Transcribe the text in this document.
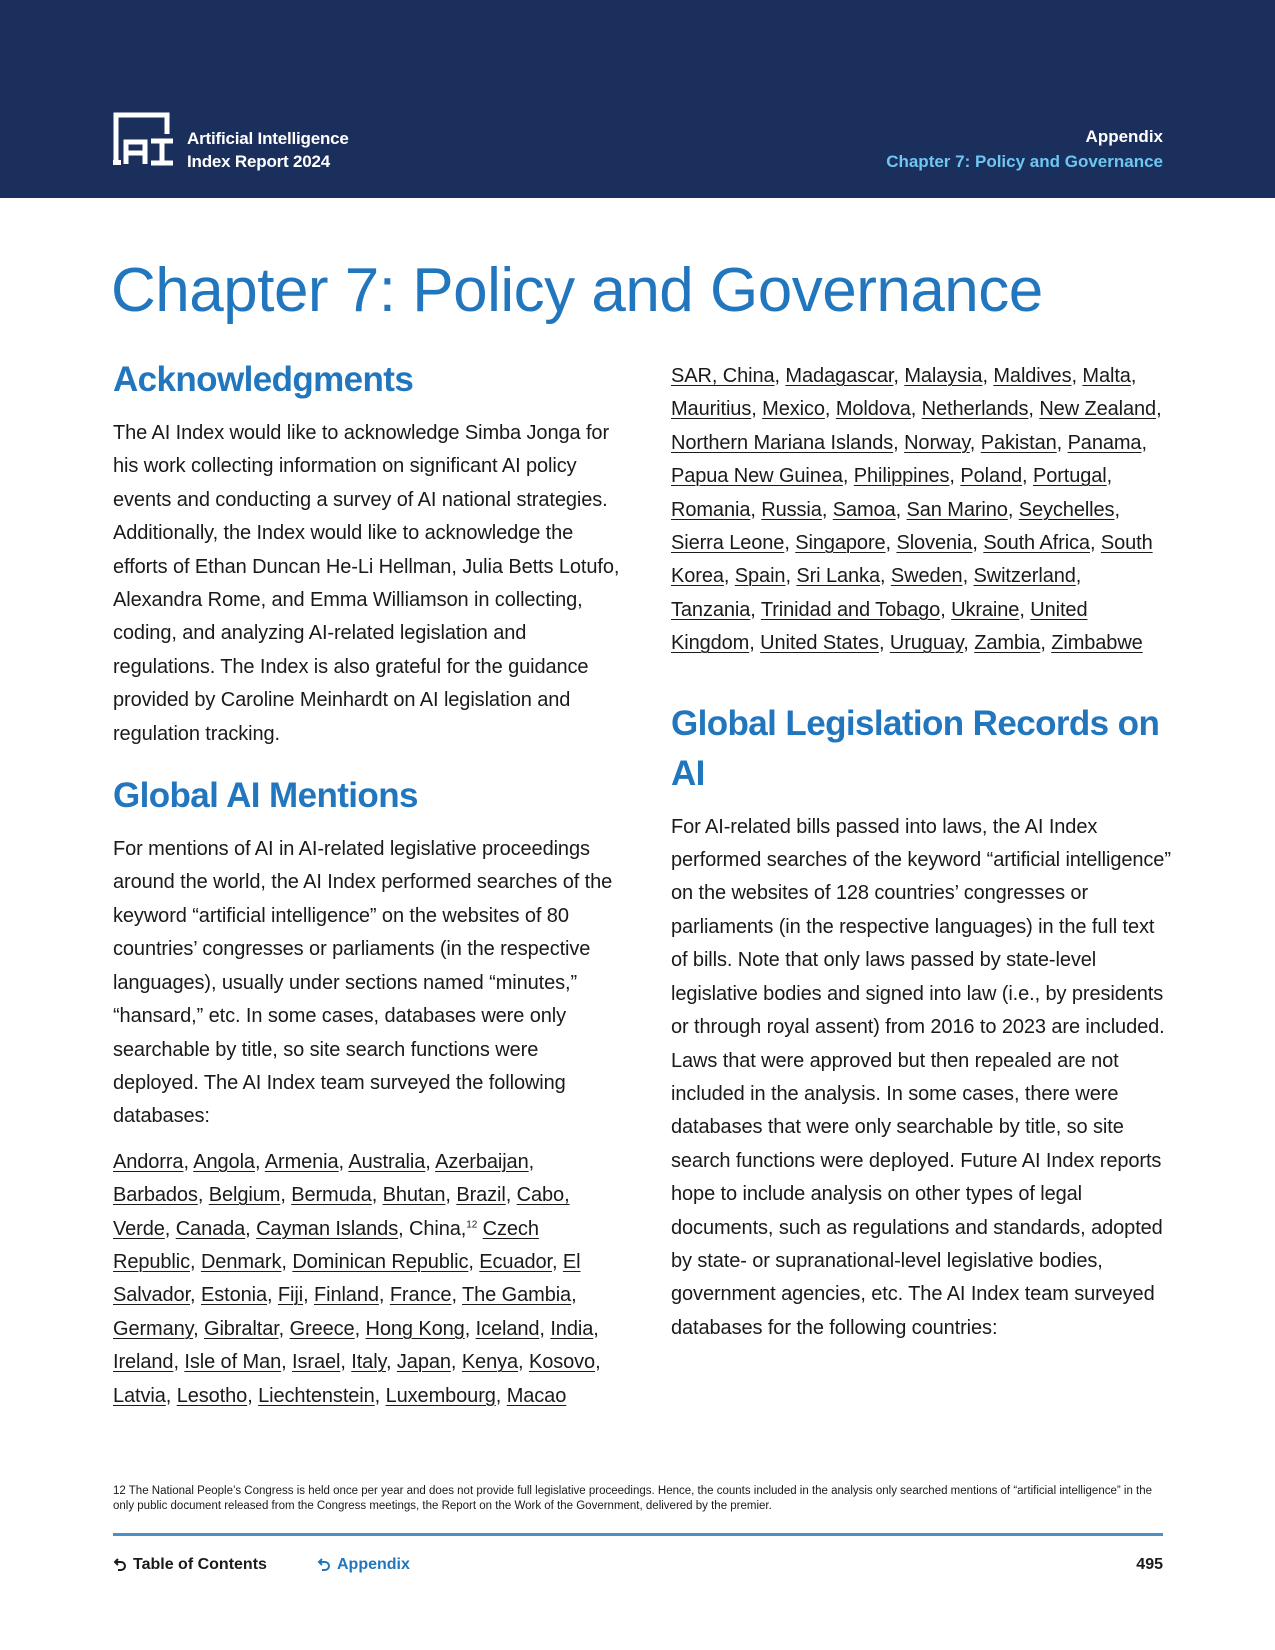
Artificial Intelligence
Index Report 2024
Appendix
Chapter 7: Policy and Governance
Chapter 7: Policy and Governance
Acknowledgments

The AI Index would like to acknowledge Simba Jonga for his work collecting information on significant AI policy events and conducting a survey of AI national strategies. Additionally, the Index would like to acknowledge the efforts of Ethan Duncan He-Li Hellman, Julia Betts Lotufo, Alexandra Rome, and Emma Williamson in collecting, coding, and analyzing AI-related legislation and regulations. The Index is also grateful for the guidance provided by Caroline Meinhardt on AI legislation and regulation tracking.

Global AI Mentions

For mentions of AI in AI-related legislative proceedings around the world, the AI Index performed searches of the keyword “artificial intelligence” on the websites of 80 countries’ congresses or parliaments (in the respective languages), usually under sections named “minutes,” “hansard,” etc. In some cases, databases were only searchable by title, so site search functions were deployed. The AI Index team surveyed the following databases:

Andorra, Angola, Armenia, Australia, Azerbaijan, Barbados, Belgium, Bermuda, Bhutan, Brazil, Cabo, Verde, Canada, Cayman Islands, China,$^{12}$ Czech Republic, Denmark, Dominican Republic, Ecuador, El Salvador, Estonia, Fiji, Finland, France, The Gambia, Germany, Gibraltar, Greece, Hong Kong, Iceland, India, Ireland, Isle of Man, Israel, Italy, Japan, Kenya, Kosovo, Latvia, Lesotho, Liechtenstein, Luxembourg, Macao
SAR, China, Madagascar, Malaysia, Maldives, Malta, Mauritius, Mexico, Moldova, Netherlands, New Zealand, Northern Mariana Islands, Norway, Pakistan, Panama, Papua New Guinea, Philippines, Poland, Portugal, Romania, Russia, Samoa, San Marino, Seychelles, Sierra Leone, Singapore, Slovenia, South Africa, South Korea, Spain, Sri Lanka, Sweden, Switzerland, Tanzania, Trinidad and Tobago, Ukraine, United Kingdom, United States, Uruguay, Zambia, Zimbabwe
Global Legislation Records on AI

For AI-related bills passed into laws, the AI Index performed searches of the keyword “artificial intelligence” on the websites of 128 countries’ congresses or parliaments (in the respective languages) in the full text of bills. Note that only laws passed by state-level legislative bodies and signed into law (i.e., by presidents or through royal assent) from 2016 to 2023 are included. Laws that were approved but then repealed are not included in the analysis. In some cases, there were databases that were only searchable by title, so site search functions were deployed. Future AI Index reports hope to include analysis on other types of legal documents, such as regulations and standards, adopted by state- or supranational-level legislative bodies, government agencies, etc. The AI Index team surveyed databases for the following countries:

12 The National People’s Congress is held once per year and does not provide full legislative proceedings. Hence, the counts included in the analysis only searched mentions of “artificial intelligence” in the only public document released from the Congress meetings, the Report on the Work of the Government, delivered by the premier.
Table of Contents	Appendix	495
